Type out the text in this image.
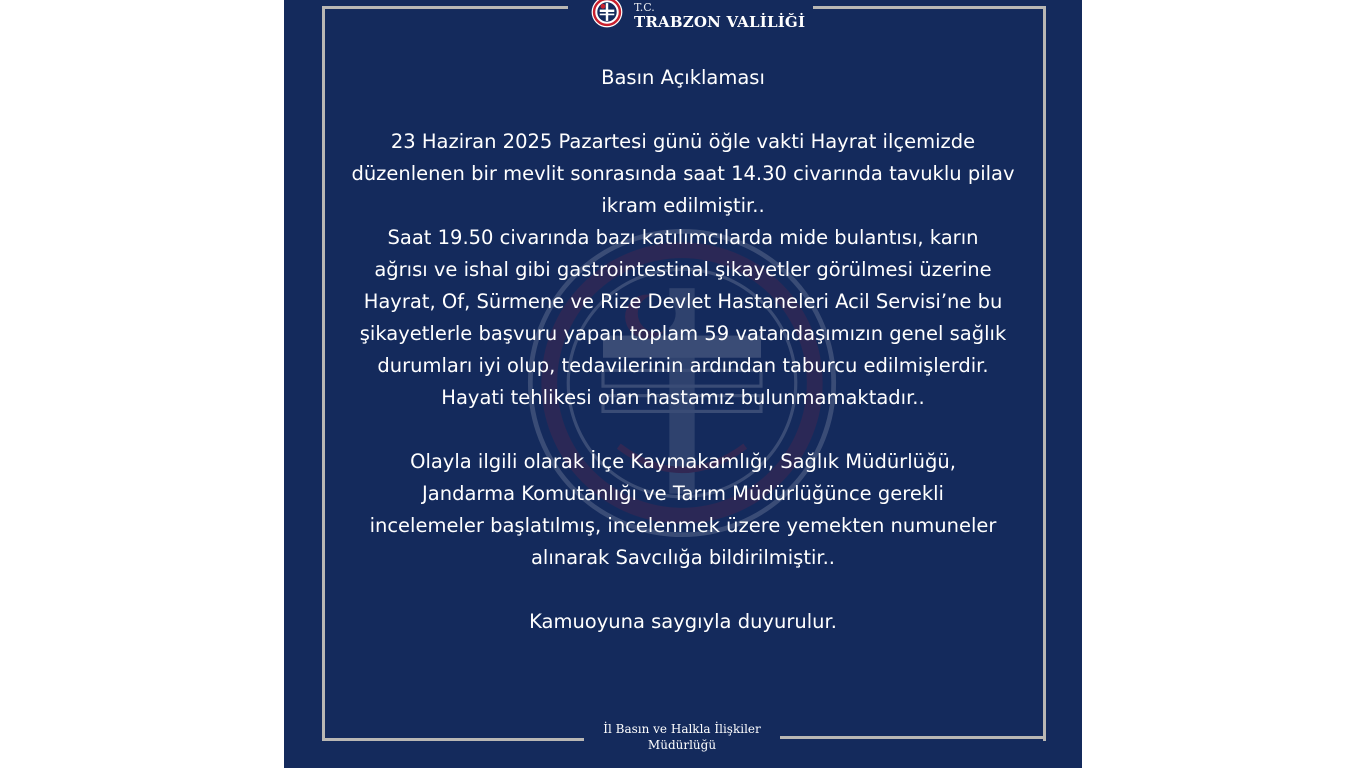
T.C.
TRABZON VALİLİĞİ

Basın Açıklaması

23 Haziran 2025 Pazartesi günü öğle vakti Hayrat ilçemizde düzenlenen bir mevlit sonrasında saat 14.30 civarında tavuklu pilav ikram edilmiştir..

Saat 19.50 civarında bazı katılımcılarda mide bulantısı, karın ağrısı ve ishal gibi gastrointestinal şikayetler görülmesi üzerine

Hayrat, Of, Sürmene ve Rize Devlet Hastaneleri Acil Servisi’ne bu şikayetlerle başvuru yapan toplam 59 vatandaşımızın genel sağlık durumları iyi olup, tedavilerinin ardından taburcu edilmişlerdir. Hayati tehlikesi olan hastamız bulunmamaktadır..

Olayla ilgili olarak İlçe Kaymakamlığı, Sağlık Müdürlüğü, Jandarma Komutanlığı ve Tarım Müdürlüğünce gerekli incelemeler başlatılmış, incelenmek üzere yemekten numuneler alınarak Savcılığa bildirilmiştir..

Kamuoyuna saygıyla duyurulur.

İl Basın ve Halkla İlişkiler
Müdürlüğü
